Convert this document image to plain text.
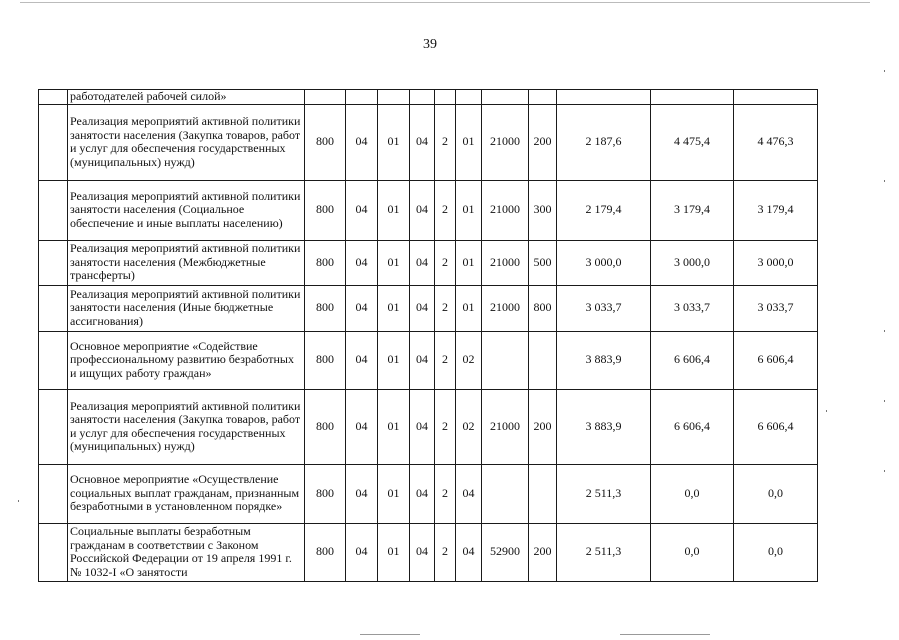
39
	работодателей рабочей силой»											
	Реализация мероприятий активной политики занятости населения (Закупка товаров, работ и услуг для обеспечения государственных (муниципальных) нужд)	800	04	01	04	2	01	21000	200	2 187,6	4 475,4	4 476,3
	Реализация мероприятий активной политики занятости населения (Социальное обеспечение и иные выплаты населению)	800	04	01	04	2	01	21000	300	2 179,4	3 179,4	3 179,4
	Реализация мероприятий активной политики занятости населения (Межбюджетные трансферты)	800	04	01	04	2	01	21000	500	3 000,0	3 000,0	3 000,0
	Реализация мероприятий активной политики занятости населения (Иные бюджетные ассигнования)	800	04	01	04	2	01	21000	800	3 033,7	3 033,7	3 033,7
	Основное мероприятие «Содействие профессиональному развитию безработных и ищущих работу граждан»	800	04	01	04	2	02			3 883,9	6 606,4	6 606,4
	Реализация мероприятий активной политики занятости населения (Закупка товаров, работ и услуг для обеспечения государственных (муниципальных) нужд)	800	04	01	04	2	02	21000	200	3 883,9	6 606,4	6 606,4
	Основное мероприятие «Осуществление социальных выплат гражданам, признанным безработными в установленном порядке»	800	04	01	04	2	04			2 511,3	0,0	0,0
	Социальные выплаты безработным гражданам в соответствии с Законом Российской Федерации от 19 апреля 1991 г. № 1032-I «О занятости	800	04	01	04	2	04	52900	200	2 511,3	0,0	0,0
